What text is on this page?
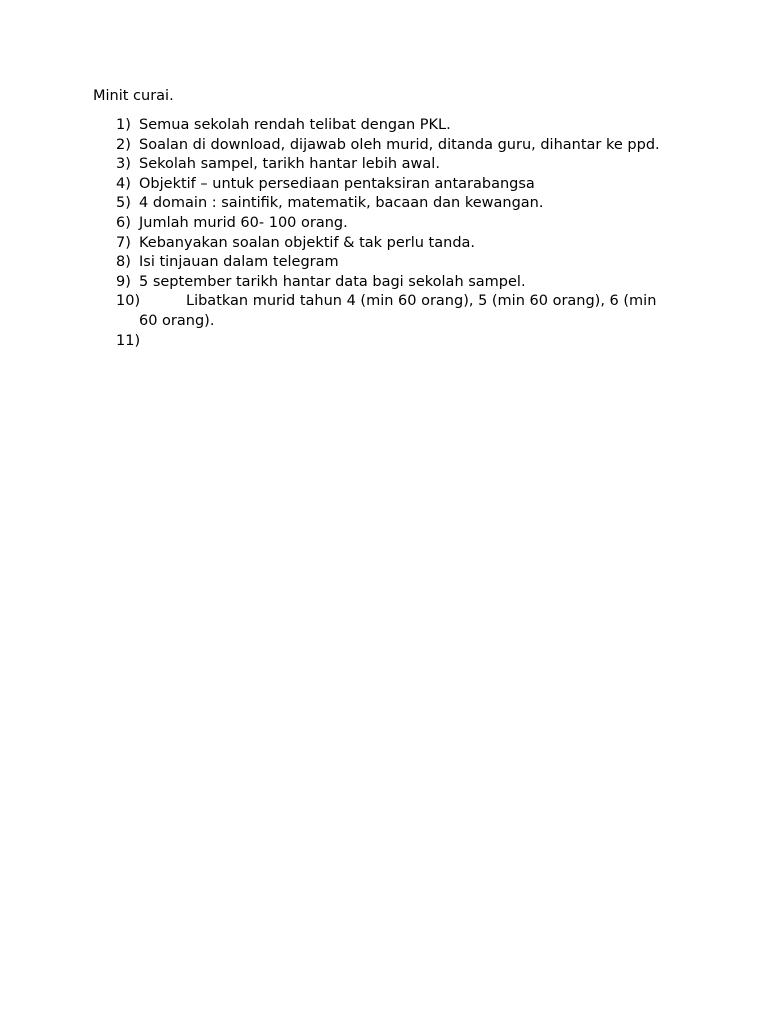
Minit curai.
1) Semua sekolah rendah telibat dengan PKL.
2) Soalan di download, dijawab oleh murid, ditanda guru, dihantar ke ppd.
3) Sekolah sampel, tarikh hantar lebih awal.
4) Objektif – untuk persediaan pentaksiran antarabangsa
5) 4 domain : saintifik, matematik, bacaan dan kewangan.
6) Jumlah murid 60- 100 orang.
7) Kebanyakan soalan objektif & tak perlu tanda.
8) Isi tinjauan dalam telegram
9) 5 september tarikh hantar data bagi sekolah sampel.
10)	Libatkan murid tahun 4 (min 60 orang), 5 (min 60 orang), 6 (min 60 orang).
11)
